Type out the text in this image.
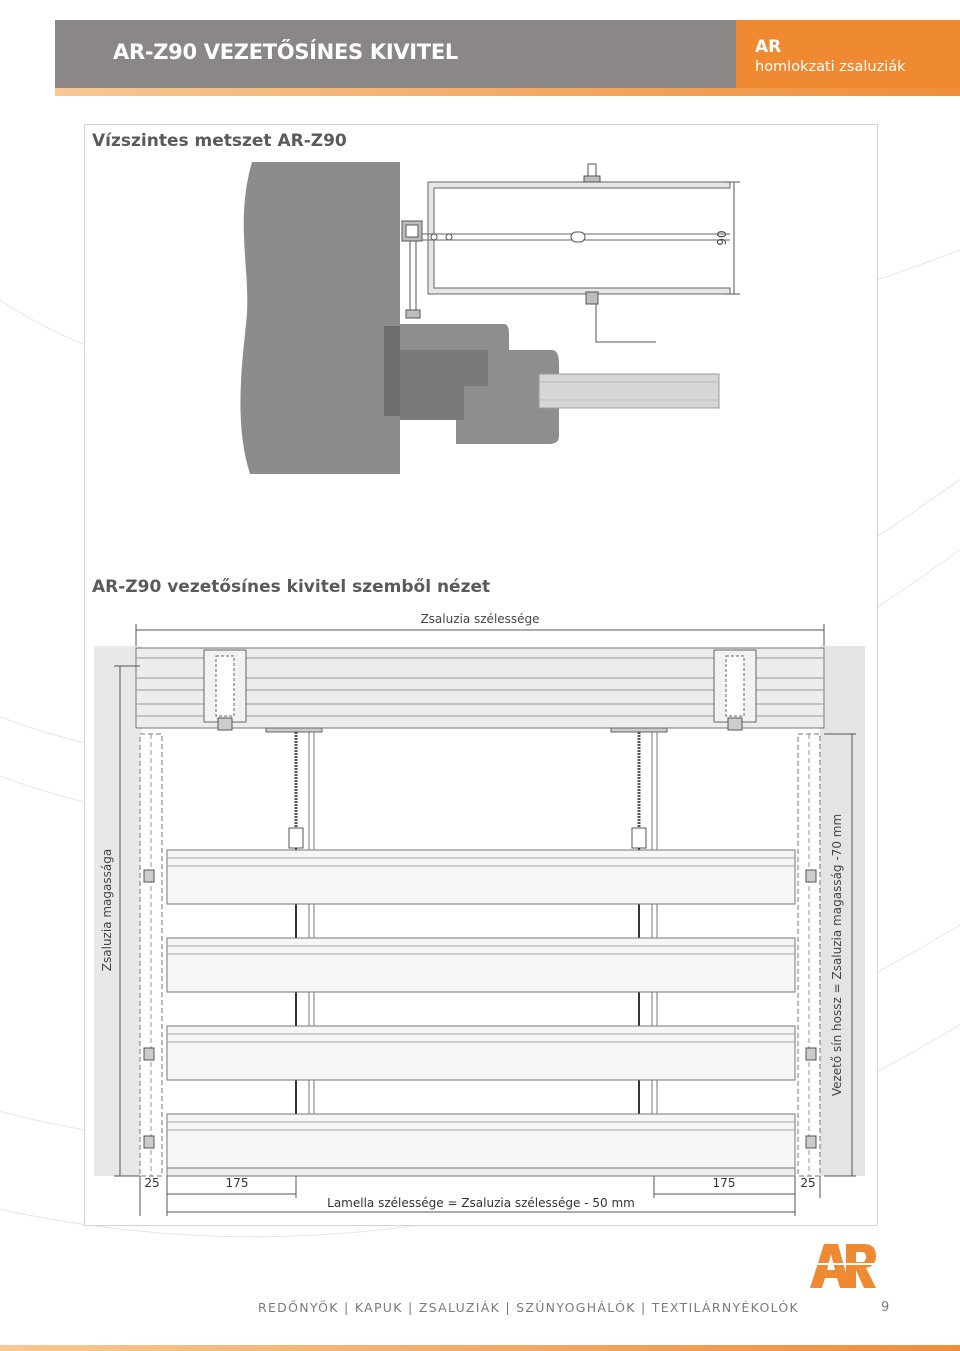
AR-Z90 VEZETŐSÍNES KIVITEL	AR
homlokzati zsaluziák
Vízszintes metszet AR-Z90
90
AR-Z90 vezetősínes kivitel szemből nézet
Zsaluzia szélessége
Zsaluzia magassága	Vezető sín hossz = Zsaluzia magasság -70 mm
25	175	175	25
Lamella szélessége = Zsaluzia szélessége - 50 mm
REDŐNYÖK | KAPUK | ZSALUZIÁK | SZÚNYOGHÁLÓK | TEXTILÁRNYÉKOLÓK	9
